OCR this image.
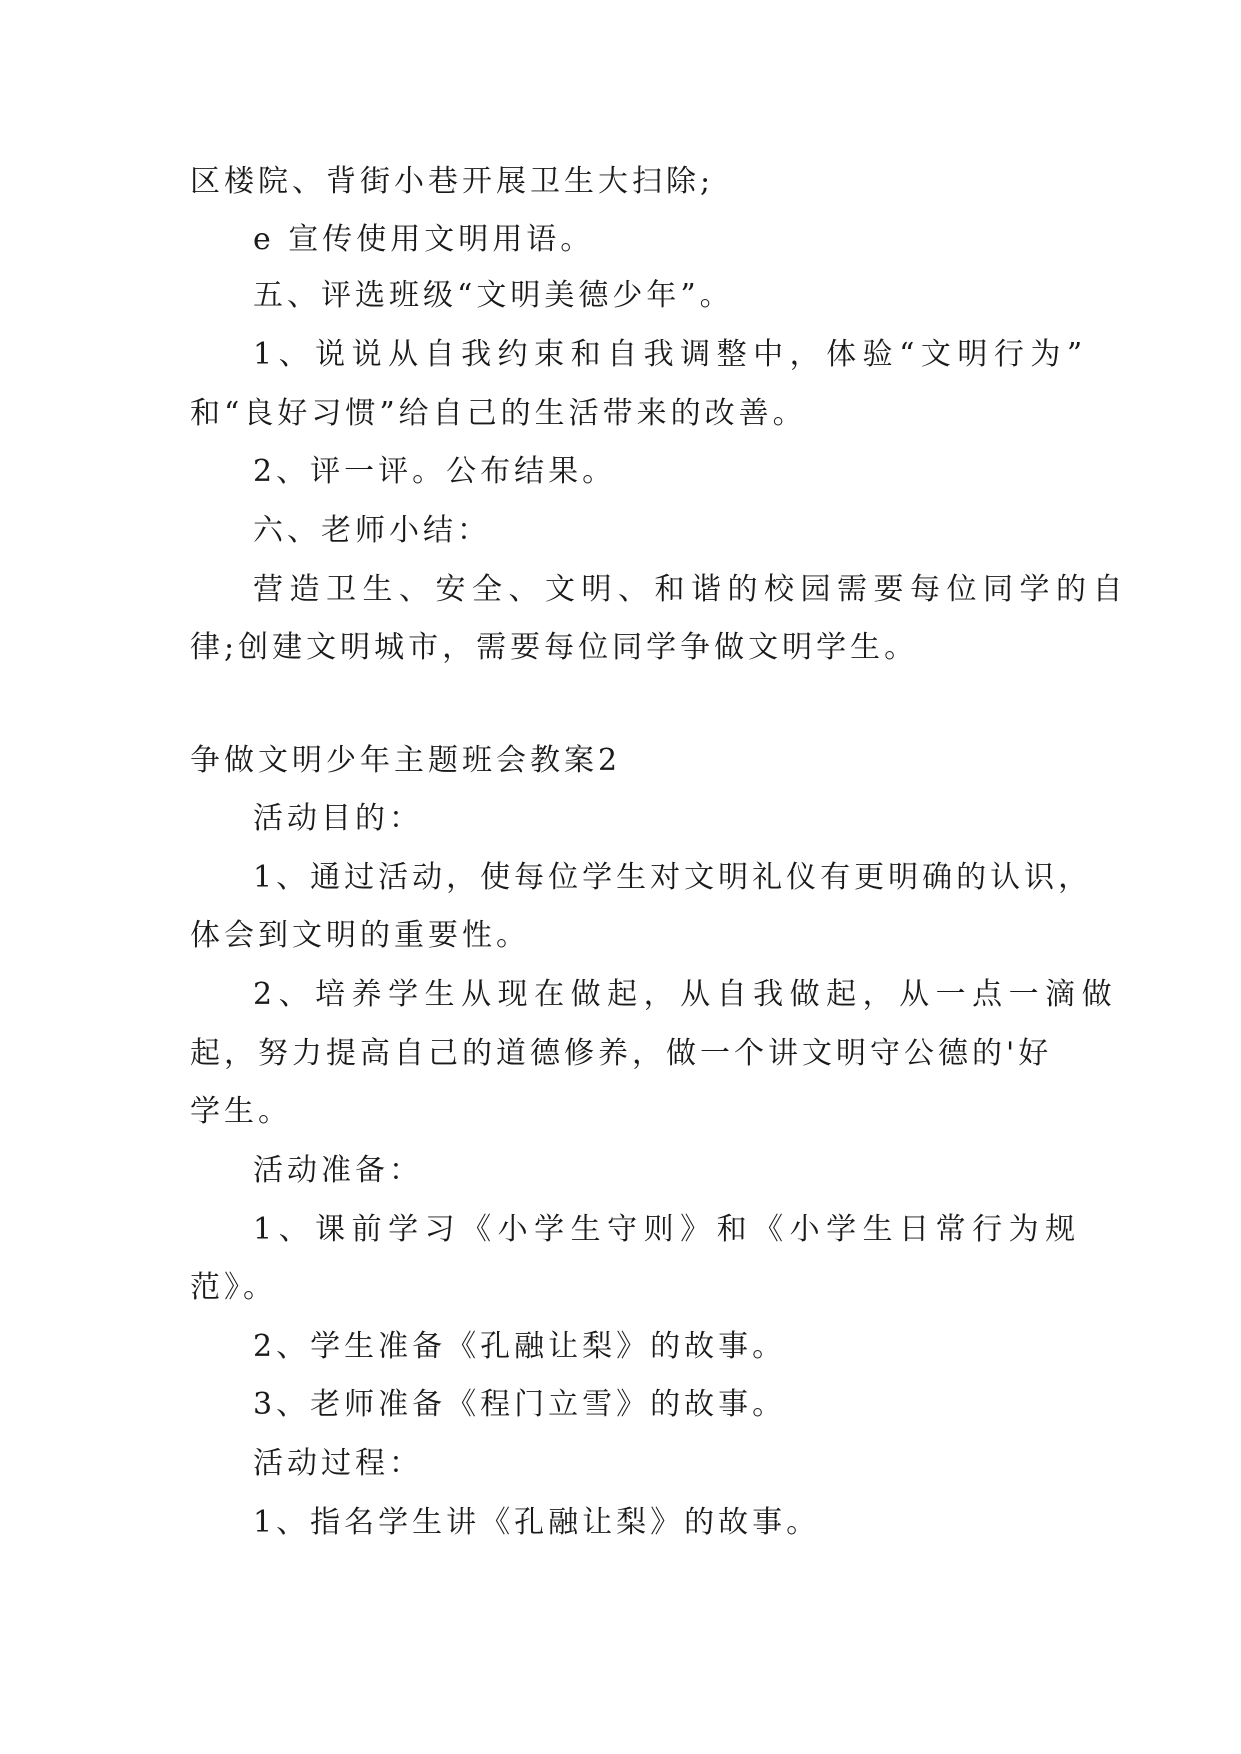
区楼院、背街小巷开展卫生大扫除;
e 宣传使用文明用语。
五、评选班级“文明美德少年”。
1、说说从自我约束和自我调整中，体验“文明行为”
和“良好习惯”给自己的生活带来的改善。
2、评一评。公布结果。
六、老师小结：
营造卫生、安全、文明、和谐的校园需要每位同学的自
律;创建文明城市，需要每位同学争做文明学生。
争做文明少年主题班会教案2
活动目的：
1、通过活动，使每位学生对文明礼仪有更明确的认识，
体会到文明的重要性。
2、培养学生从现在做起，从自我做起，从一点一滴做
起，努力提高自己的道德修养，做一个讲文明守公德的'好
学生。
活动准备：
1、课前学习《小学生守则》和《小学生日常行为规
范》。
2、学生准备《孔融让梨》的故事。
3、老师准备《程门立雪》的故事。
活动过程：
1、指名学生讲《孔融让梨》的故事。
